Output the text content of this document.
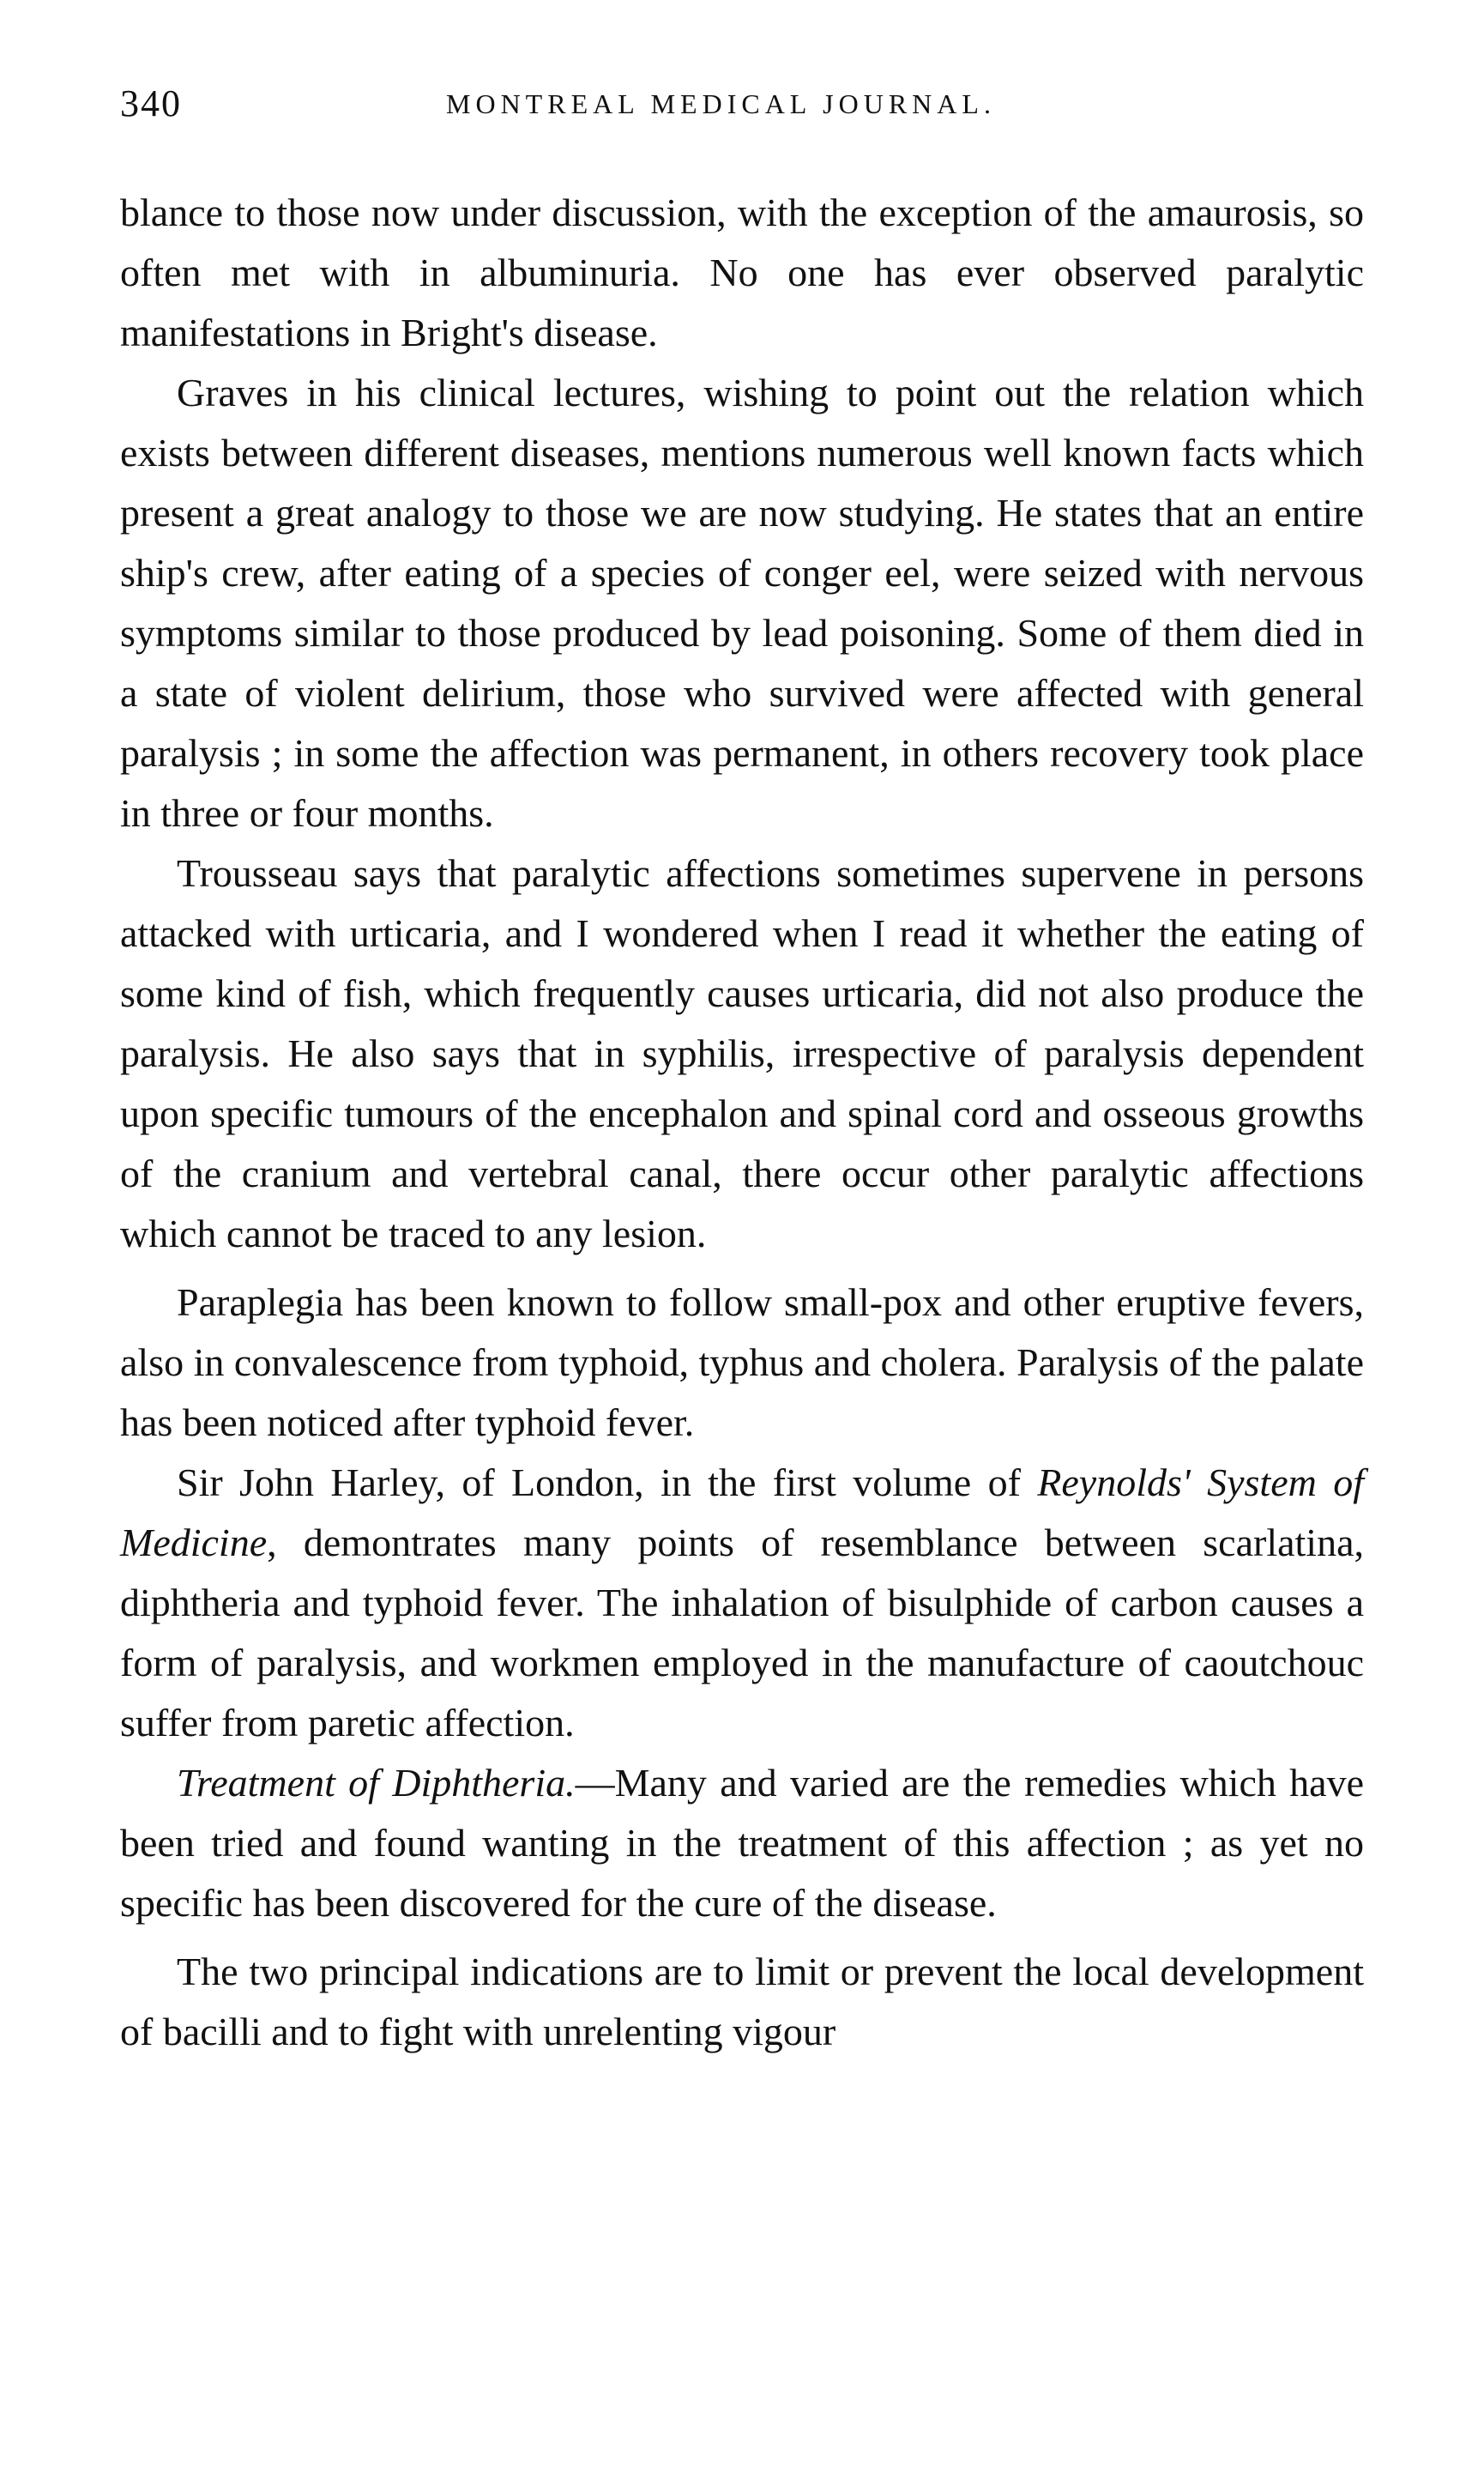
340	MONTREAL MEDICAL JOURNAL.

blance to those now under discussion, with the exception of the amaurosis, so often met with in albuminuria. No one has ever observed paralytic manifestations in Bright's disease.

Graves in his clinical lectures, wishing to point out the relation which exists between different diseases, mentions numerous well known facts which present a great analogy to those we are now studying. He states that an entire ship's crew, after eating of a species of conger eel, were seized with nervous symptoms similar to those produced by lead poisoning. Some of them died in a state of violent delirium, those who survived were affected with general paralysis ; in some the affection was permanent, in others recovery took place in three or four months.

Trousseau says that paralytic affections sometimes supervene in persons attacked with urticaria, and I wondered when I read it whether the eating of some kind of fish, which frequently causes urticaria, did not also produce the paralysis. He also says that in syphilis, irrespective of paralysis dependent upon specific tumours of the encephalon and spinal cord and osseous growths of the cranium and vertebral canal, there occur other paralytic affections which cannot be traced to any lesion.

Paraplegia has been known to follow small-pox and other eruptive fevers, also in convalescence from typhoid, typhus and cholera. Paralysis of the palate has been noticed after typhoid fever.

Sir John Harley, of London, in the first volume of Reynolds' System of Medicine, demontrates many points of resemblance between scarlatina, diphtheria and typhoid fever. The inhalation of bisulphide of carbon causes a form of paralysis, and workmen employed in the manufacture of caoutchouc suffer from paretic affection.

Treatment of Diphtheria.—Many and varied are the remedies which have been tried and found wanting in the treatment of this affection ; as yet no specific has been discovered for the cure of the disease.

The two principal indications are to limit or prevent the local development of bacilli and to fight with unrelenting vigour
